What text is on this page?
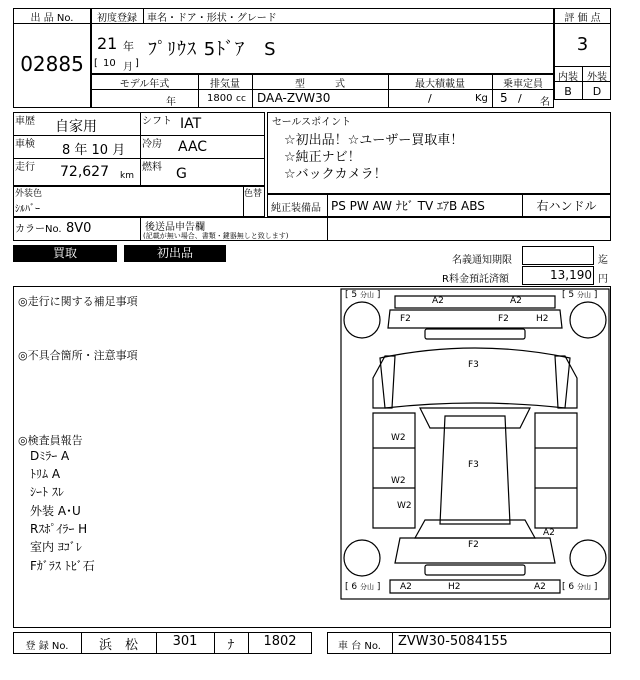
出 品 No.
02885
初度登録	車名・ドア・形状・グレード
21 年
[ 10 月 ]
ﾌﾟﾘｳｽ 5ﾄﾞｱ　S
評 価 点
3
内装 外装
B	D
モデル年式	排気量	型　　　式	最大積載量	乗車定員
年	1800 cc DAA-ZVW30	/	Kg 5 / 名
車歴 自家用
車検 8 年 10 月
走行 72,627 km
シフト IAT
冷房 AAC
燃料 G
セールスポイント
☆初出品！☆ユーザー買取車！
☆純正ナビ！
☆バックカメラ！
外装色
ｼﾙﾊﾞｰ
色替
純正装備品 PS PW AW ﾅﾋﾞ TV ｴｱB ABS	右ハンドル
カラーNo. 8V0	後送品申告欄
(記載が無い場合、書類・鍵器無しと致します)
買取	初出品
名義通知期限	迄
R料金預託済額	13,190 円
◎走行に関する補足事項
◎不具合箇所・注意事項
◎検査員報告
Dﾐﾗｰ A
ﾄﾘﾑ A
ｼｰﾄ ｽﾚ
外装 A･U
Rｽﾎﾟｲﾗｰ H
室内 ﾖｺﾞﾚ
Fｶﾞﾗｽ ﾄﾋﾞ石
[ 5 分山 ]	[ 5 分山 ]
[ 6 分山 ]	[ 6 分山 ]
A2	A2
F2	F2	H2
F3
W2
F3
W2
W2
F2
A2
A2	H2	A2
登 録 No.	浜　松	301	ﾅ	1802	車 台 No.	ZVW30-5084155
